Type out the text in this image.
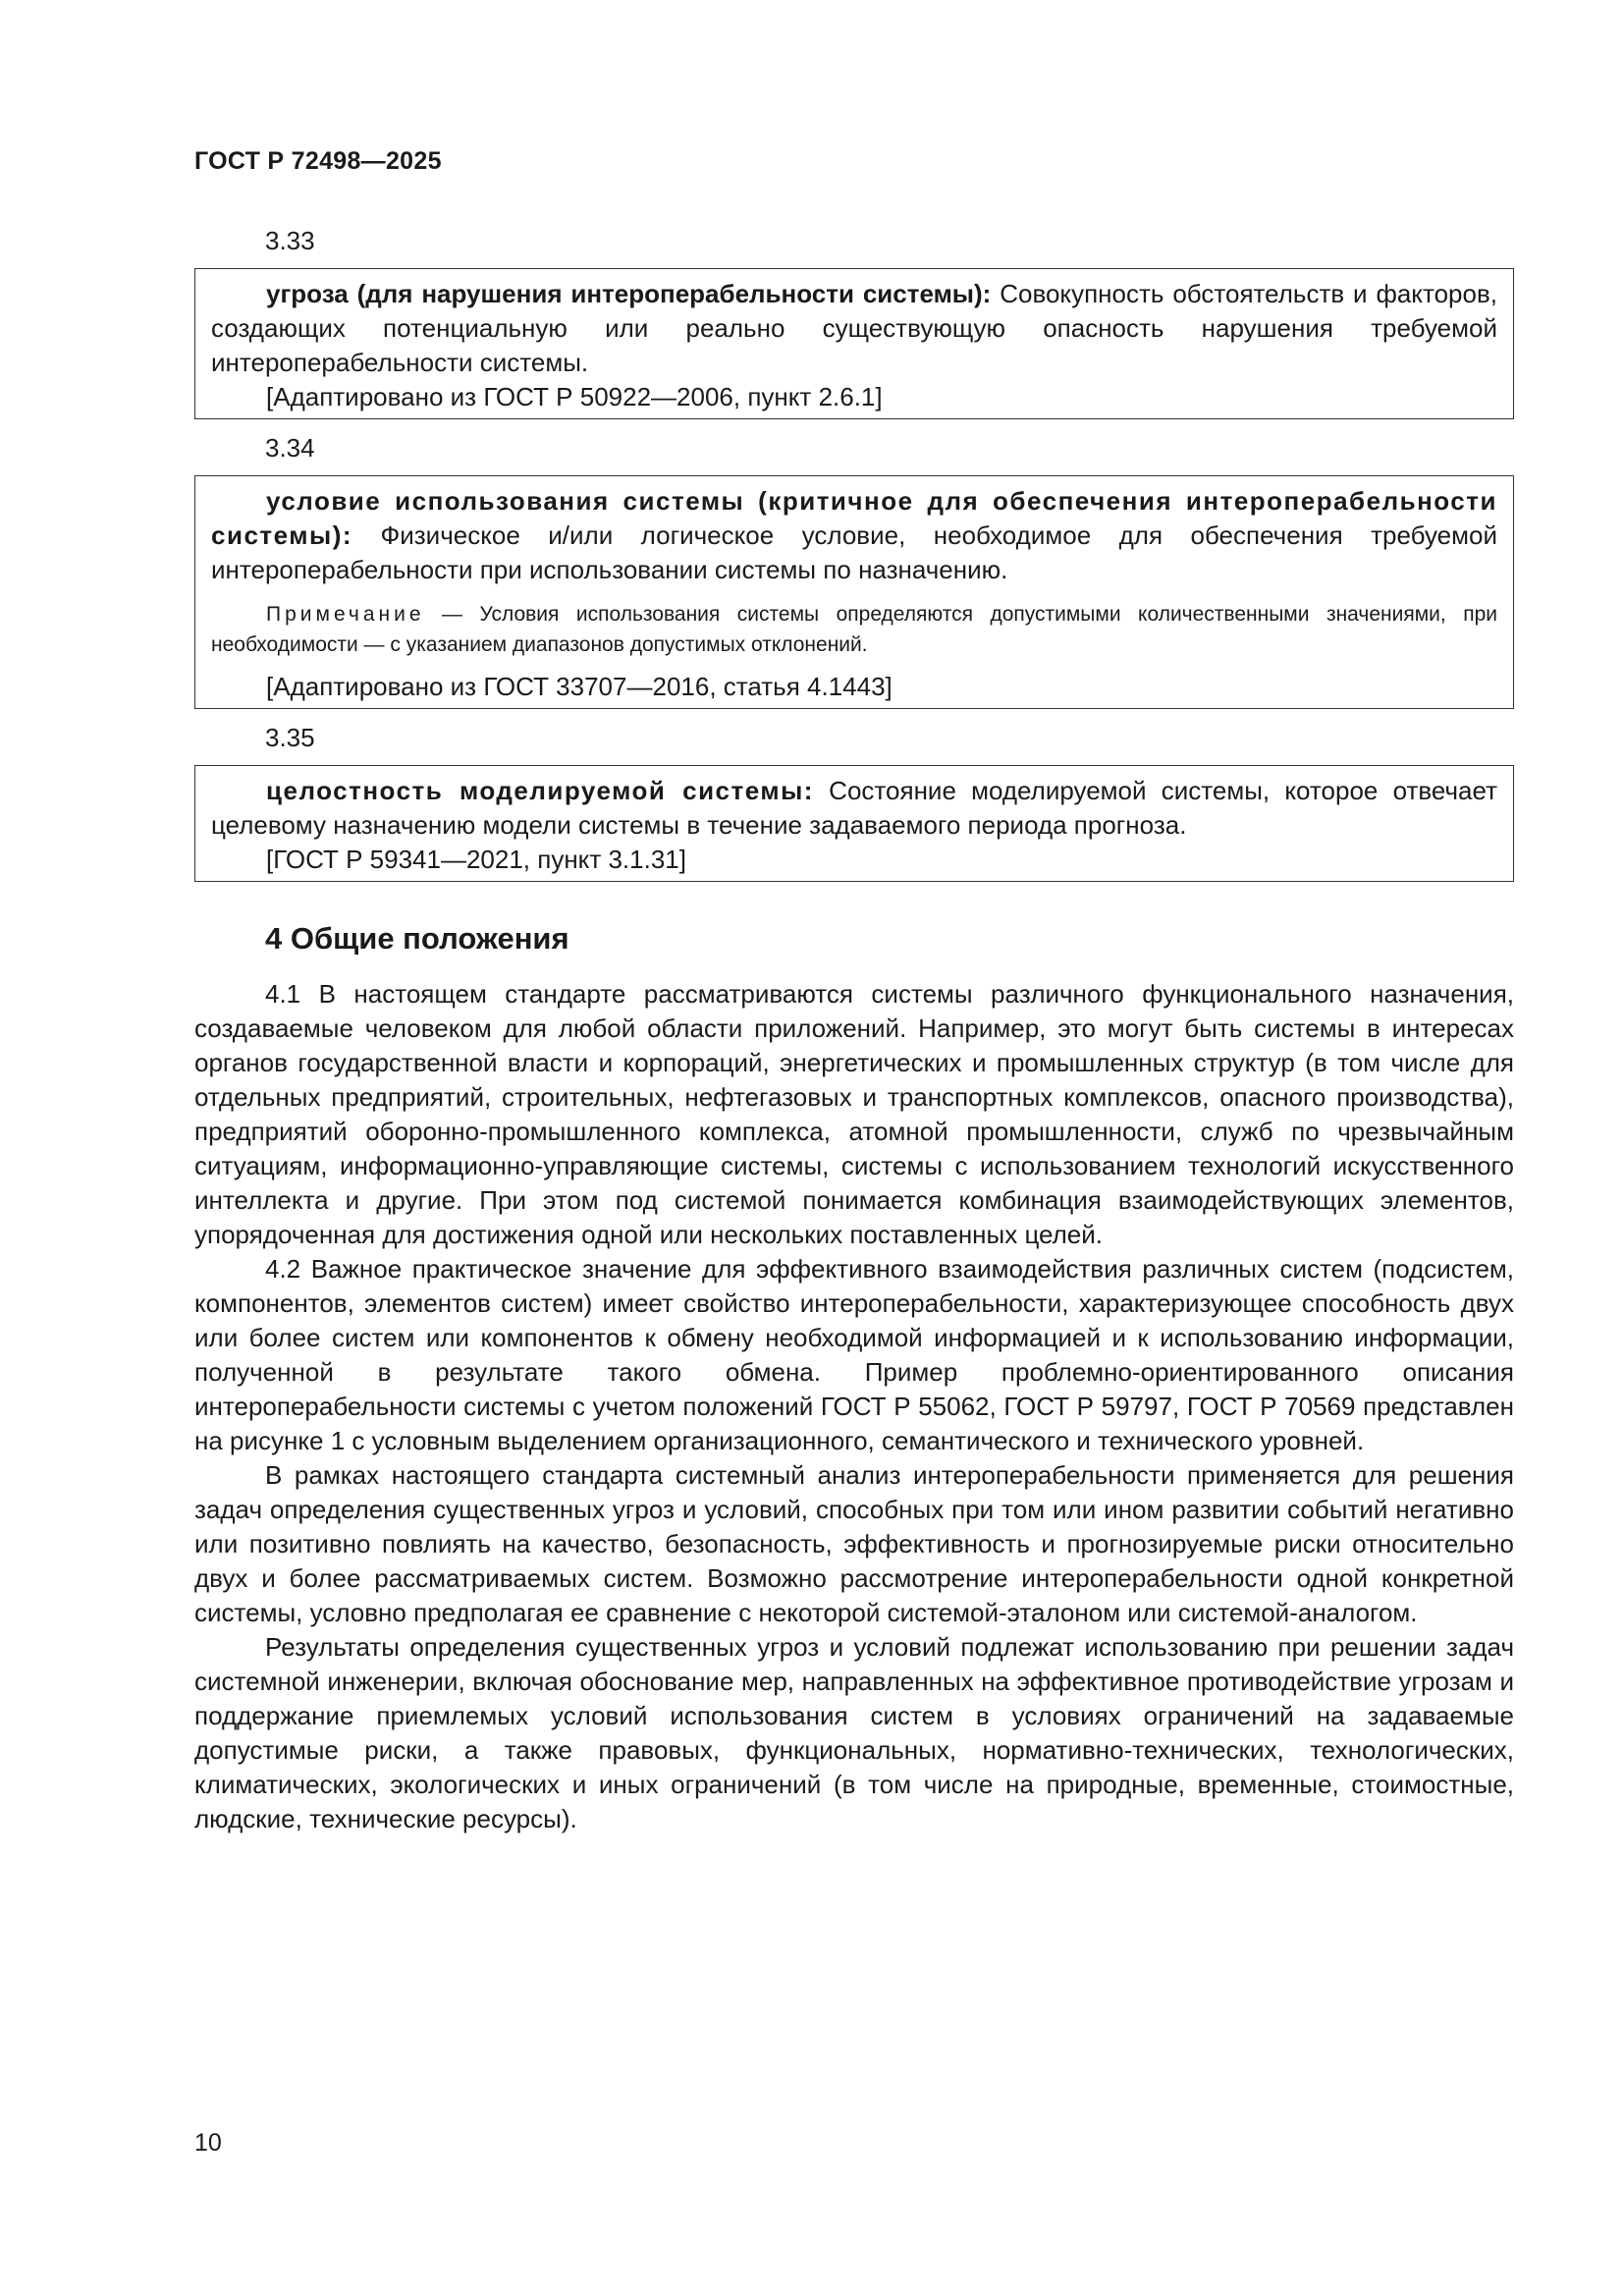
ГОСТ Р 72498—2025
3.33

угроза (для нарушения интероперабельности системы): Совокупность обстоятельств и факторов, создающих потенциальную или реально существующую опасность нарушения требуемой интероперабельности системы.

[Адаптировано из ГОСТ Р 50922—2006, пункт 2.6.1]

3.34

условие использования системы (критичное для обеспечения интероперабельности системы): Физическое и/или логическое условие, необходимое для обеспечения требуемой интероперабельности при использовании системы по назначению.

Примечание — Условия использования системы определяются допустимыми количественными значениями, при необходимости — с указанием диапазонов допустимых отклонений.

[Адаптировано из ГОСТ 33707—2016, статья 4.1443]

3.35

целостность моделируемой системы: Состояние моделируемой системы, которое отвечает целевому назначению модели системы в течение задаваемого периода прогноза.

[ГОСТ Р 59341—2021, пункт 3.1.31]

4 Общие положения

4.1 В настоящем стандарте рассматриваются системы различного функционального назначения, создаваемые человеком для любой области приложений. Например, это могут быть системы в интересах органов государственной власти и корпораций, энергетических и промышленных структур (в том числе для отдельных предприятий, строительных, нефтегазовых и транспортных комплексов, опасного производства), предприятий оборонно-промышленного комплекса, атомной промышленности, служб по чрезвычайным ситуациям, информационно-управляющие системы, системы с использованием технологий искусственного интеллекта и другие. При этом под системой понимается комбинация взаимодействующих элементов, упорядоченная для достижения одной или нескольких поставленных целей.

4.2 Важное практическое значение для эффективного взаимодействия различных систем (подсистем, компонентов, элементов систем) имеет свойство интероперабельности, характеризующее способность двух или более систем или компонентов к обмену необходимой информацией и к использованию информации, полученной в результате такого обмена. Пример проблемно-ориентированного описания интероперабельности системы с учетом положений ГОСТ Р 55062, ГОСТ Р 59797, ГОСТ Р 70569 представлен на рисунке 1 с условным выделением организационного, семантического и технического уровней.

В рамках настоящего стандарта системный анализ интероперабельности применяется для решения задач определения существенных угроз и условий, способных при том или ином развитии событий негативно или позитивно повлиять на качество, безопасность, эффективность и прогнозируемые риски относительно двух и более рассматриваемых систем. Возможно рассмотрение интероперабельности одной конкретной системы, условно предполагая ее сравнение с некоторой системой-эталоном или системой-аналогом.

Результаты определения существенных угроз и условий подлежат использованию при решении задач системной инженерии, включая обоснование мер, направленных на эффективное противодействие угрозам и поддержание приемлемых условий использования систем в условиях ограничений на задаваемые допустимые риски, а также правовых, функциональных, нормативно-технических, технологических, климатических, экологических и иных ограничений (в том числе на природные, временные, стоимостные, людские, технические ресурсы).

10
